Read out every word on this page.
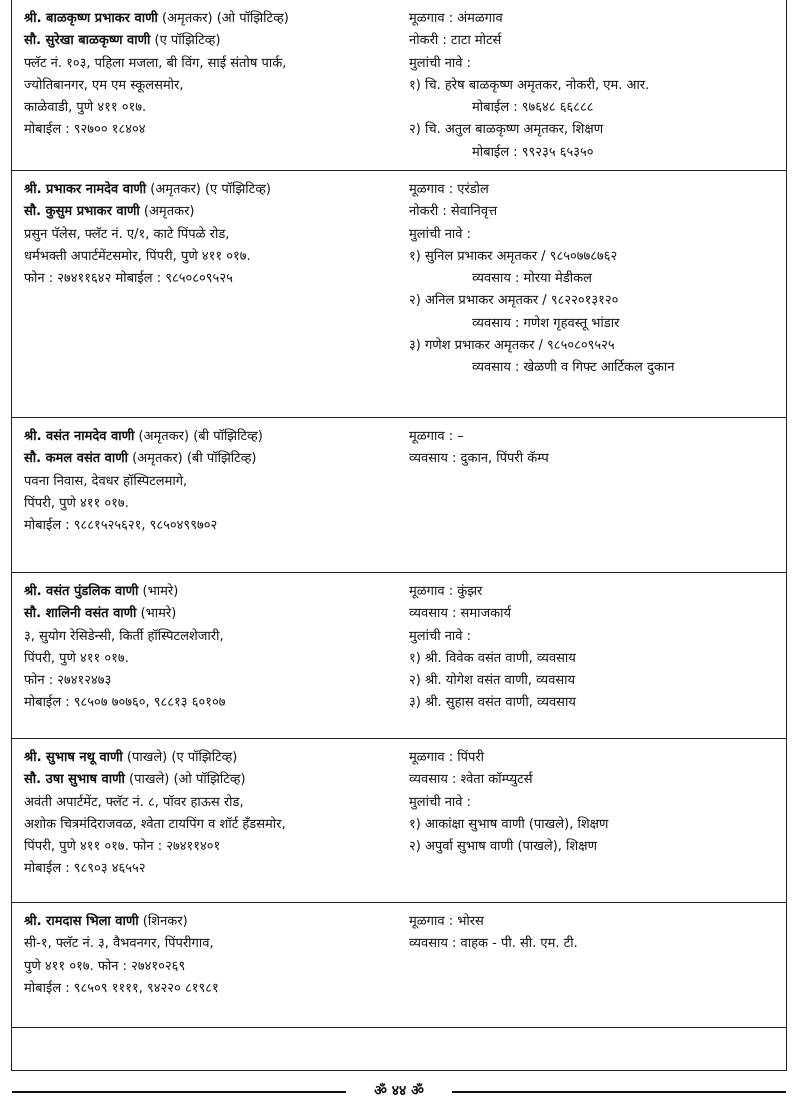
श्री. बाळकृष्ण प्रभाकर वाणी (अमृतकर) (ओ पॉझिटिव्ह)
सौ. सुरेखा बाळकृष्ण वाणी (ए पॉझिटिव्ह)
फ्लॅट नं. १०३, पहिला मजला, बी विंग, साई संतोष पार्क,
ज्योतिबानगर, एम एम स्कूलसमोर,
काळेवाडी, पुणे ४११ ०१७.
मोबाईल : ९२७०० १८४०४
मूळगाव : अंमळगाव
नोकरी : टाटा मोटर्स
मुलांची नावे :
१) चि. हरेष बाळकृष्ण अमृतकर, नोकरी, एम. आर.
मोबाईल : ९७६४८ ६६८८८
२) चि. अतुल बाळकृष्ण अमृतकर, शिक्षण
मोबाईल : ९९२३५ ६५३५०
श्री. प्रभाकर नामदेव वाणी (अमृतकर) (ए पॉझिटिव्ह)
सौ. कुसुम प्रभाकर वाणी (अमृतकर)
प्रसुन पॅलेस, फ्लॅट नं. ए/१, काटे पिंपळे रोड,
धर्मभक्ती अपार्टमेंटसमोर, पिंपरी, पुणे ४११ ०१७.
फोन : २७४११६४२ मोबाईल : ९८५०८०९५२५
मूळगाव : एरंडोल
नोकरी : सेवानिवृत्त
मुलांची नावे :
१) सुनिल प्रभाकर अमृतकर / ९८५०७७८७६२
व्यवसाय : मोरया मेडीकल
२) अनिल प्रभाकर अमृतकर / ९८२२०१३१२०
व्यवसाय : गणेश गृहवस्तू भांडार
३) गणेश प्रभाकर अमृतकर / ९८५०८०९५२५
व्यवसाय : खेळणी व गिफ्ट आर्टिकल दुकान
श्री. वसंत नामदेव वाणी (अमृतकर) (बी पॉझिटिव्ह)
सौ. कमल वसंत वाणी (अमृतकर) (बी पॉझिटिव्ह)
पवना निवास, देवधर हॉस्पिटलमागे,
पिंपरी, पुणे ४११ ०१७.
मोबाईल : ९८८१५२५६२१, ९८५०४९९७०२
मूळगाव : –
व्यवसाय : दुकान, पिंपरी कॅम्प
श्री. वसंत पुंडलिक वाणी (भामरे)
सौ. शालिनी वसंत वाणी (भामरे)
३, सुयोग रेसिडेन्सी, किर्ती हॉस्पिटलशेजारी,
पिंपरी, पुणे ४११ ०१७.
फोन : २७४१२४७३
मोबाईल : ९८५०७ ७०७६०, ९८८१३ ६०१०७
मूळगाव : कुंझर
व्यवसाय : समाजकार्य
मुलांची नावे :
१) श्री. विवेक वसंत वाणी, व्यवसाय
२) श्री. योगेश वसंत वाणी, व्यवसाय
३) श्री. सुहास वसंत वाणी, व्यवसाय
श्री. सुभाष नथू वाणी (पाखले) (ए पॉझिटिव्ह)
सौ. उषा सुभाष वाणी (पाखले) (ओ पॉझिटिव्ह)
अवंती अपार्टमेंट, फ्लॅट नं. ८, पॉवर हाऊस रोड,
अशोक चित्रमंदिराजवळ, श्वेता टायपिंग व शॉर्ट हँडसमोर,
पिंपरी, पुणे ४११ ०१७. फोन : २७४११४०१
मोबाईल : ९८९०३ ४६५५२
मूळगाव : पिंपरी
व्यवसाय : श्वेता कॉम्प्युटर्स
मुलांची नावे :
१) आकांक्षा सुभाष वाणी (पाखले), शिक्षण
२) अपुर्वा सुभाष वाणी (पाखले), शिक्षण
श्री. रामदास भिला वाणी (शिनकर)
सी-१, फ्लॅट नं. ३, वैभवनगर, पिंपरीगाव,
पुणे ४११ ०१७. फोन : २७४१०२६९
मोबाईल : ९८५०९ ११११, ९४२२० ८१९८१
मूळगाव : भोरस
व्यवसाय : वाहक - पी. सी. एम. टी.
ॐ ४४ ॐ
